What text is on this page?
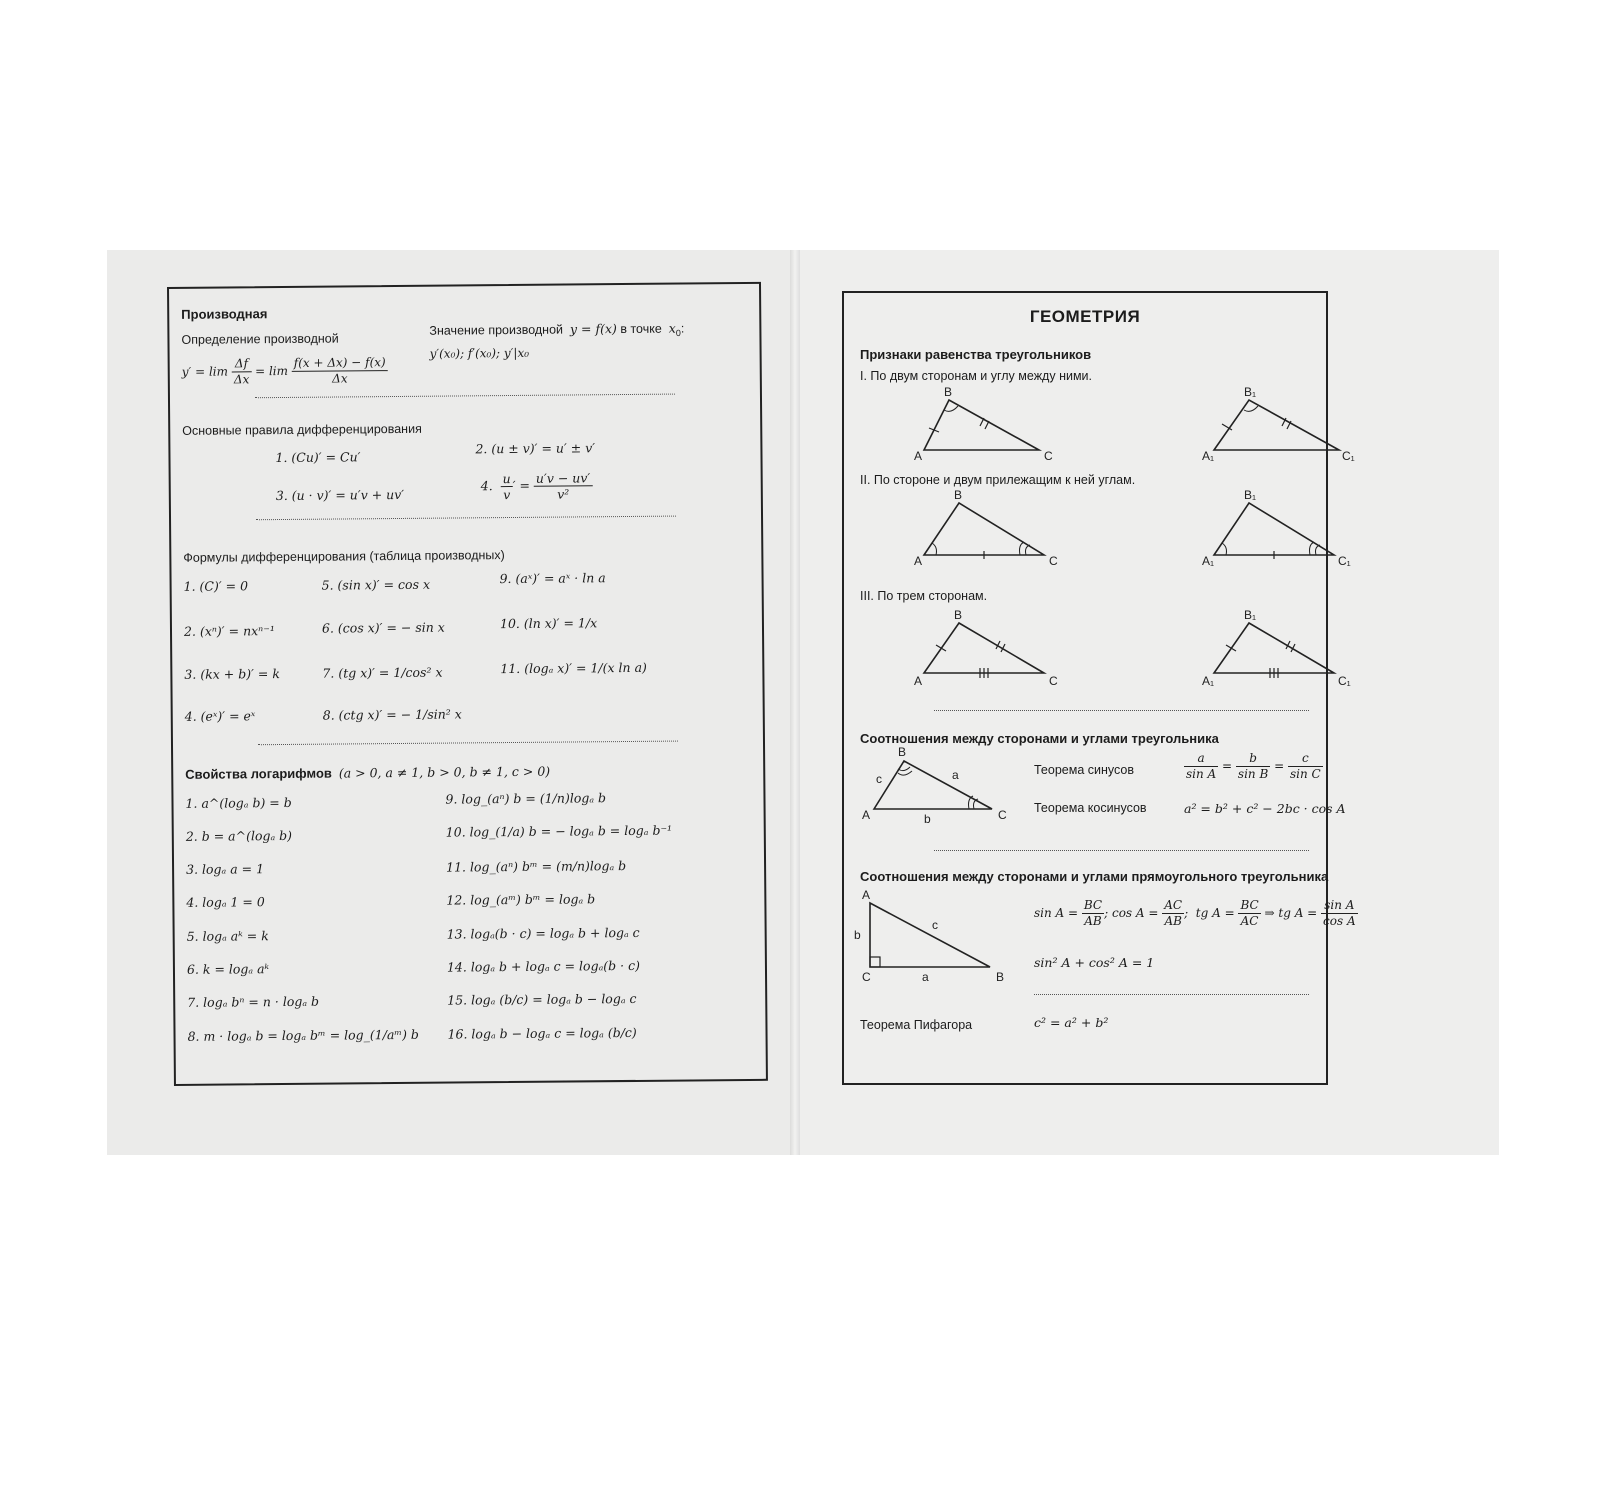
Производная
Определение производной
Значение производной  y = f(x) в точке  $x_0$:
$y' = \lim \frac{\Delta f}{\Delta x} = \lim \frac{f(x + \Delta x) - f(x)}{\Delta x}$
y′(x₀); f′(x₀); y′|x₀
Основные правила дифференцирования
1. (Cu)′ = Cu′
2. (u ± v)′ = u′ ± v′
3. (u · v)′ = u′v + uv′
4. $\frac{u}{v}$ ′ = $\frac{u'v - uv'}{\text{v²}}$
Формулы дифференцирования (таблица производных)
1. (C)′ = 0	5. (sin x)′ = cos x	9. (aˣ)′ = aˣ · ln a
2. (xⁿ)′ = nxⁿ⁻¹	6. (cos x)′ = − sin x	10. (ln x)′ = 1/x
3. (kx + b)′ = k	7. (tg x)′ = 1/cos² x	11. (logₐ x)′ = 1/(x ln a)
4. (eˣ)′ = eˣ	8. (ctg x)′ = − 1/sin² x
Свойства логарифмов (a > 0, a ≠ 1, b > 0, b ≠ 1, c > 0)
1. a^(logₐ b) = b	9. log_(aⁿ) b = (1/n)logₐ b
2. b = a^(logₐ b)	10. log_(1/a) b = − logₐ b = logₐ b⁻¹
3. logₐ a = 1	11. log_(aⁿ) bᵐ = (m/n)logₐ b
4. logₐ 1 = 0	12. log_(aᵐ) bᵐ = logₐ b
5. logₐ aᵏ = k	13. logₐ(b · c) = logₐ b + logₐ c
6. k = logₐ aᵏ	14. logₐ b + logₐ c = logₐ(b · c)
7. logₐ bⁿ = n · logₐ b	15. logₐ (b/c) = logₐ b − logₐ c
8. m · logₐ b = logₐ bᵐ = log_(1/aᵐ) b 16. logₐ b − logₐ c = logₐ (b/c)
ГЕОМЕТРИЯ
Признаки равенства треугольников
I. По двум сторонам и углу между ними.
A
B
C	A₁
B₁
C₁
II. По стороне и двум прилежащим к ней углам.
A
B
C	A₁
B₁
C₁
III. По трем сторонам.
A
B
C	A₁
B₁
C₁
Соотношения между сторонами и углами треугольника
A
B
C
c	a
b
Теорема синусов	$\frac{a}{\text{sin A}} = \frac{b}{\text{sin B}} = \frac{c}{\text{sin C}}$
Теорема косинусов	a² = b² + c² − 2bc · cos A
Соотношения между сторонами и углами прямоугольного треугольника
A
C	B
b
a
c
$\sin A = \frac{BC}{AB}$ ; $\cos A = \frac{AC}{AB}$ ;  tg $A = \frac{BC}{AC}$ ⇒ tg $A = \frac{\text{sin A}}{\text{cos A}}$
sin² A + cos² A = 1
Теорема Пифагора	c² = a² + b²
